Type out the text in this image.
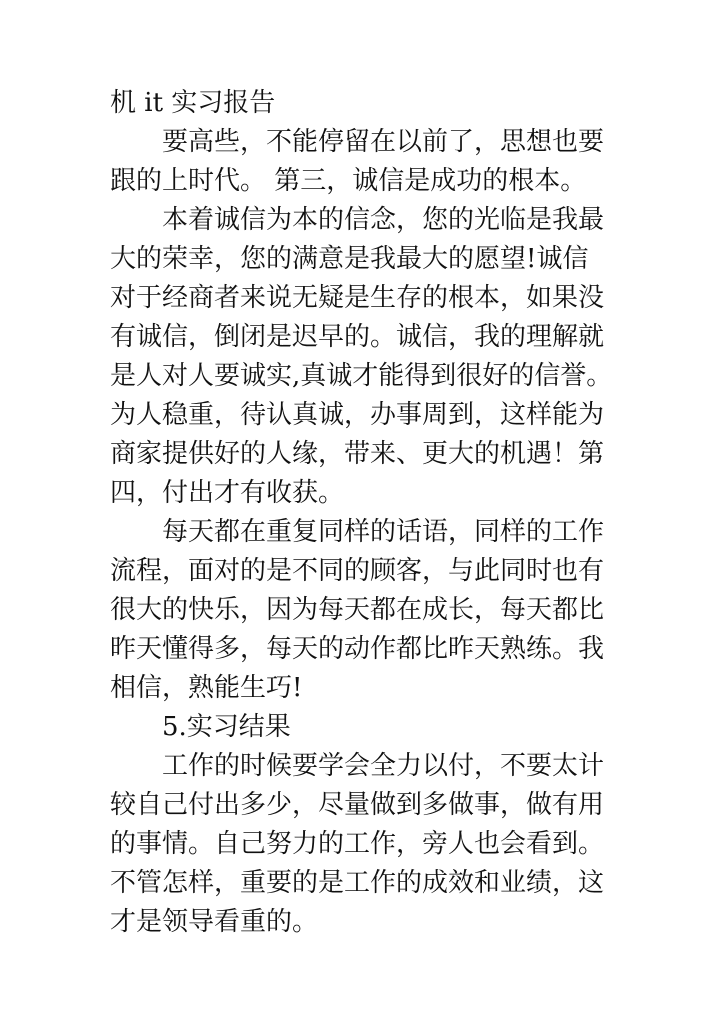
机 it 实习报告
要高些，不能停留在以前了，思想也要
跟的上时代。 第三，诚信是成功的根本。
本着诚信为本的信念，您的光临是我最
大的荣幸，您的满意是我最大的愿望!诚信
对于经商者来说无疑是生存的根本，如果没
有诚信，倒闭是迟早的。诚信，我的理解就
是人对人要诚实,真诚才能得到很好的信誉。
为人稳重，待认真诚，办事周到，这样能为
商家提供好的人缘，带来、更大的机遇！第
四，付出才有收获。
每天都在重复同样的话语，同样的工作
流程，面对的是不同的顾客，与此同时也有
很大的快乐，因为每天都在成长，每天都比
昨天懂得多，每天的动作都比昨天熟练。我
相信，熟能生巧!
5.实习结果
工作的时候要学会全力以付，不要太计
较自己付出多少，尽量做到多做事，做有用
的事情。自己努力的工作，旁人也会看到。
不管怎样，重要的是工作的成效和业绩，这
才是领导看重的。
